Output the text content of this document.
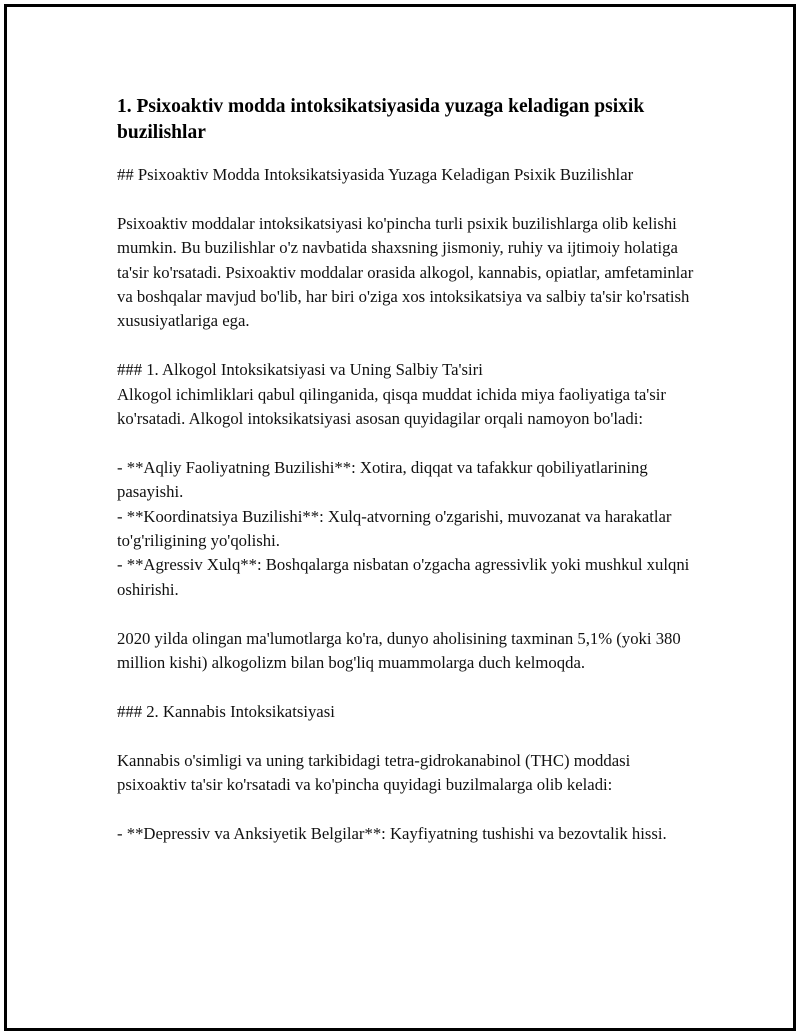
1. Psixoaktiv modda intoksikatsiyasida yuzaga keladigan psixik buzilishlar

## Psixoaktiv Modda Intoksikatsiyasida Yuzaga Keladigan Psixik Buzilishlar

Psixoaktiv moddalar intoksikatsiyasi ko'pincha turli psixik buzilishlarga olib kelishi mumkin. Bu buzilishlar o'z navbatida shaxsning jismoniy, ruhiy va ijtimoiy holatiga ta'sir ko'rsatadi. Psixoaktiv moddalar orasida alkogol, kannabis, opiatlar, amfetaminlar va boshqalar mavjud bo'lib, har biri o'ziga xos intoksikatsiya va salbiy ta'sir ko'rsatish xususiyatlariga ega.

### 1. Alkogol Intoksikatsiyasi va Uning Salbiy Ta'siri

Alkogol ichimliklari qabul qilinganida, qisqa muddat ichida miya faoliyatiga ta'sir ko'rsatadi. Alkogol intoksikatsiyasi asosan quyidagilar orqali namoyon bo'ladi:

- **Aqliy Faoliyatning Buzilishi**: Xotira, diqqat va tafakkur qobiliyatlarining pasayishi.

- **Koordinatsiya Buzilishi**: Xulq-atvorning o'zgarishi, muvozanat va harakatlar to'g'riligining yo'qolishi.

- **Agressiv Xulq**: Boshqalarga nisbatan o'zgacha agressivlik yoki mushkul xulqni oshirishi.

2020 yilda olingan ma'lumotlarga ko'ra, dunyo aholisining taxminan 5,1% (yoki 380 million kishi) alkogolizm bilan bog'liq muammolarga duch kelmoqda.

### 2. Kannabis Intoksikatsiyasi

Kannabis o'simligi va uning tarkibidagi tetra-gidrokanabinol (THC) moddasi psixoaktiv ta'sir ko'rsatadi va ko'pincha quyidagi buzilmalarga olib keladi:

- **Depressiv va Anksiyetik Belgilar**: Kayfiyatning tushishi va bezovtalik hissi.
